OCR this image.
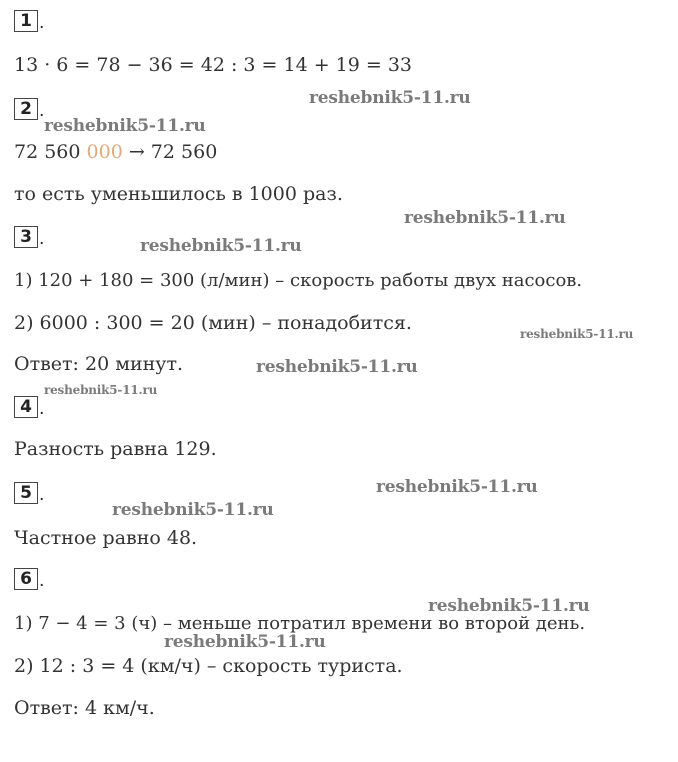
1 .
13 · 6 = 78 − 36 = 42 : 3 = 14 + 19 = 33
2 .
72 560 000 → 72 560
то есть уменьшилось в 1000 раз.
3 .
1) 120 + 180 = 300 (л/мин) – скорость работы двух насосов.
2) 6000 : 300 = 20 (мин) – понадобится.
Ответ: 20 минут.
4 .
Разность равна 129.
5 .
Частное равно 48.
6 .
1) 7 − 4 = 3 (ч) – меньше потратил времени во второй день.
2) 12 : 3 = 4 (км/ч) – скорость туриста.
Ответ: 4 км/ч.
reshebnik5-11.ru
reshebnik5-11.ru
reshebnik5-11.ru
reshebnik5-11.ru
reshebnik5-11.ru
reshebnik5-11.ru
reshebnik5-11.ru
reshebnik5-11.ru
reshebnik5-11.ru
reshebnik5-11.ru
reshebnik5-11.ru
